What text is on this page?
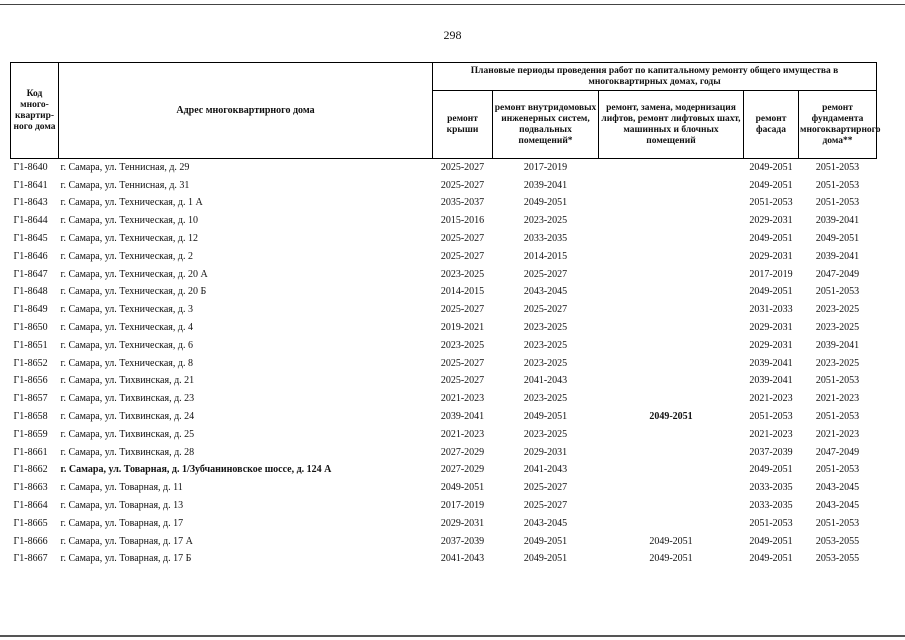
298
Код много-квартир-ного дома	Адрес многоквартирного дома	Плановые периоды проведения работ по капитальному ремонту общего имущества в многоквартирных домах, годы				
		ремонт крыши	ремонт внутридомовых инженерных систем, подвальных помещений*	ремонт, замена, модернизация лифтов, ремонт лифтовых шахт, машинных и блочных помещений	ремонт фасада	ремонт фундамента многоквартирного дома**
Г1-8640	г. Самара, ул. Теннисная, д. 29	2025-2027	2017-2019		2049-2051	2051-2053
Г1-8641	г. Самара, ул. Теннисная, д. 31	2025-2027	2039-2041		2049-2051	2051-2053
Г1-8643	г. Самара, ул. Техническая, д. 1 А	2035-2037	2049-2051		2051-2053	2051-2053
Г1-8644	г. Самара, ул. Техническая, д. 10	2015-2016	2023-2025		2029-2031	2039-2041
Г1-8645	г. Самара, ул. Техническая, д. 12	2025-2027	2033-2035		2049-2051	2049-2051
Г1-8646	г. Самара, ул. Техническая, д. 2	2025-2027	2014-2015		2029-2031	2039-2041
Г1-8647	г. Самара, ул. Техническая, д. 20 А	2023-2025	2025-2027		2017-2019	2047-2049
Г1-8648	г. Самара, ул. Техническая, д. 20 Б	2014-2015	2043-2045		2049-2051	2051-2053
Г1-8649	г. Самара, ул. Техническая, д. 3	2025-2027	2025-2027		2031-2033	2023-2025
Г1-8650	г. Самара, ул. Техническая, д. 4	2019-2021	2023-2025		2029-2031	2023-2025
Г1-8651	г. Самара, ул. Техническая, д. 6	2023-2025	2023-2025		2029-2031	2039-2041
Г1-8652	г. Самара, ул. Техническая, д. 8	2025-2027	2023-2025		2039-2041	2023-2025
Г1-8656	г. Самара, ул. Тихвинская, д. 21	2025-2027	2041-2043		2039-2041	2051-2053
Г1-8657	г. Самара, ул. Тихвинская, д. 23	2021-2023	2023-2025		2021-2023	2021-2023
Г1-8658	г. Самара, ул. Тихвинская, д. 24	2039-2041	2049-2051	2049-2051	2051-2053	2051-2053
Г1-8659	г. Самара, ул. Тихвинская, д. 25	2021-2023	2023-2025		2021-2023	2021-2023
Г1-8661	г. Самара, ул. Тихвинская, д. 28	2027-2029	2029-2031		2037-2039	2047-2049
Г1-8662	г. Самара, ул. Товарная, д. 1/Зубчаниновское шоссе, д. 124 А	2027-2029	2041-2043		2049-2051	2051-2053
Г1-8663	г. Самара, ул. Товарная, д. 11	2049-2051	2025-2027		2033-2035	2043-2045
Г1-8664	г. Самара, ул. Товарная, д. 13	2017-2019	2025-2027		2033-2035	2043-2045
Г1-8665	г. Самара, ул. Товарная, д. 17	2029-2031	2043-2045		2051-2053	2051-2053
Г1-8666	г. Самара, ул. Товарная, д. 17 А	2037-2039	2049-2051	2049-2051	2049-2051	2053-2055
Г1-8667	г. Самара, ул. Товарная, д. 17 Б	2041-2043	2049-2051	2049-2051	2049-2051	2053-2055
